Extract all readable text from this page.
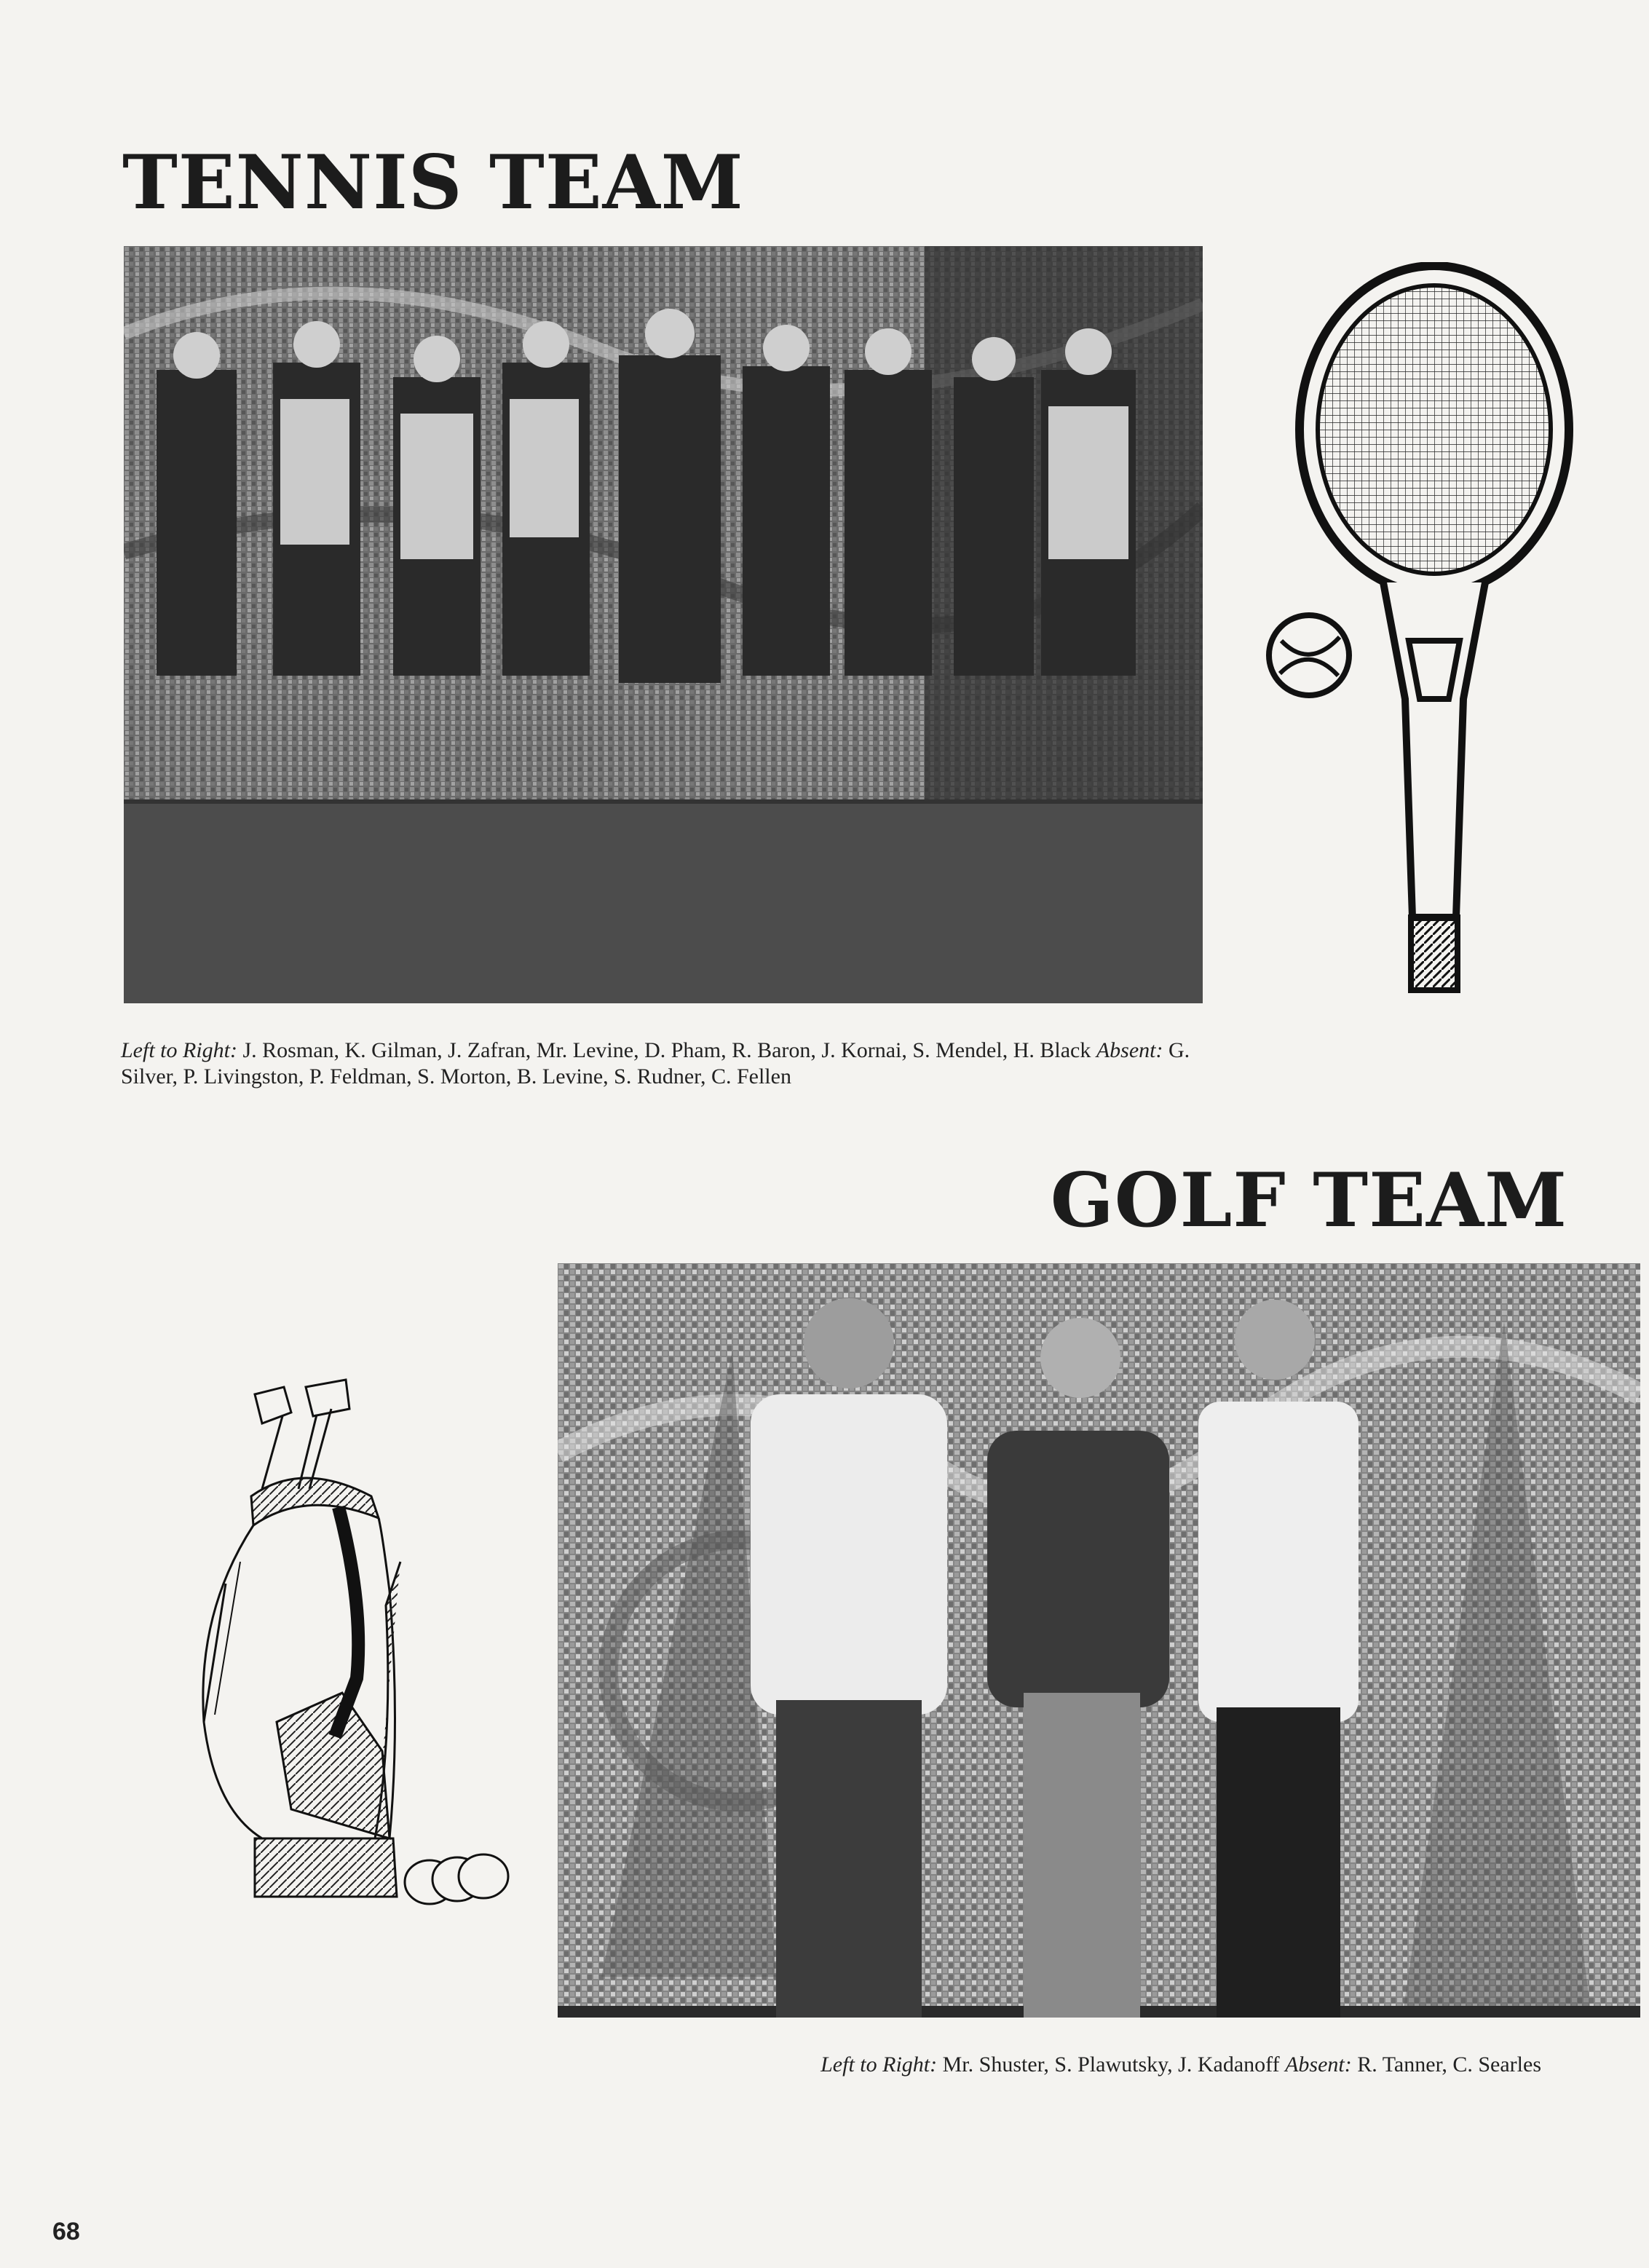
TENNIS TEAM

Left to Right: J. Rosman, K. Gilman, J. Zafran, Mr. Levine, D. Pham, R. Baron, J. Kornai, S. Mendel, H. Black Absent: G. Silver, P. Livingston, P. Feldman, S. Morton, B. Levine, S. Rudner, C. Fellen

GOLF TEAM

Left to Right: Mr. Shuster, S. Plawutsky, J. Kadanoff Absent: R. Tanner, C. Searles

68
